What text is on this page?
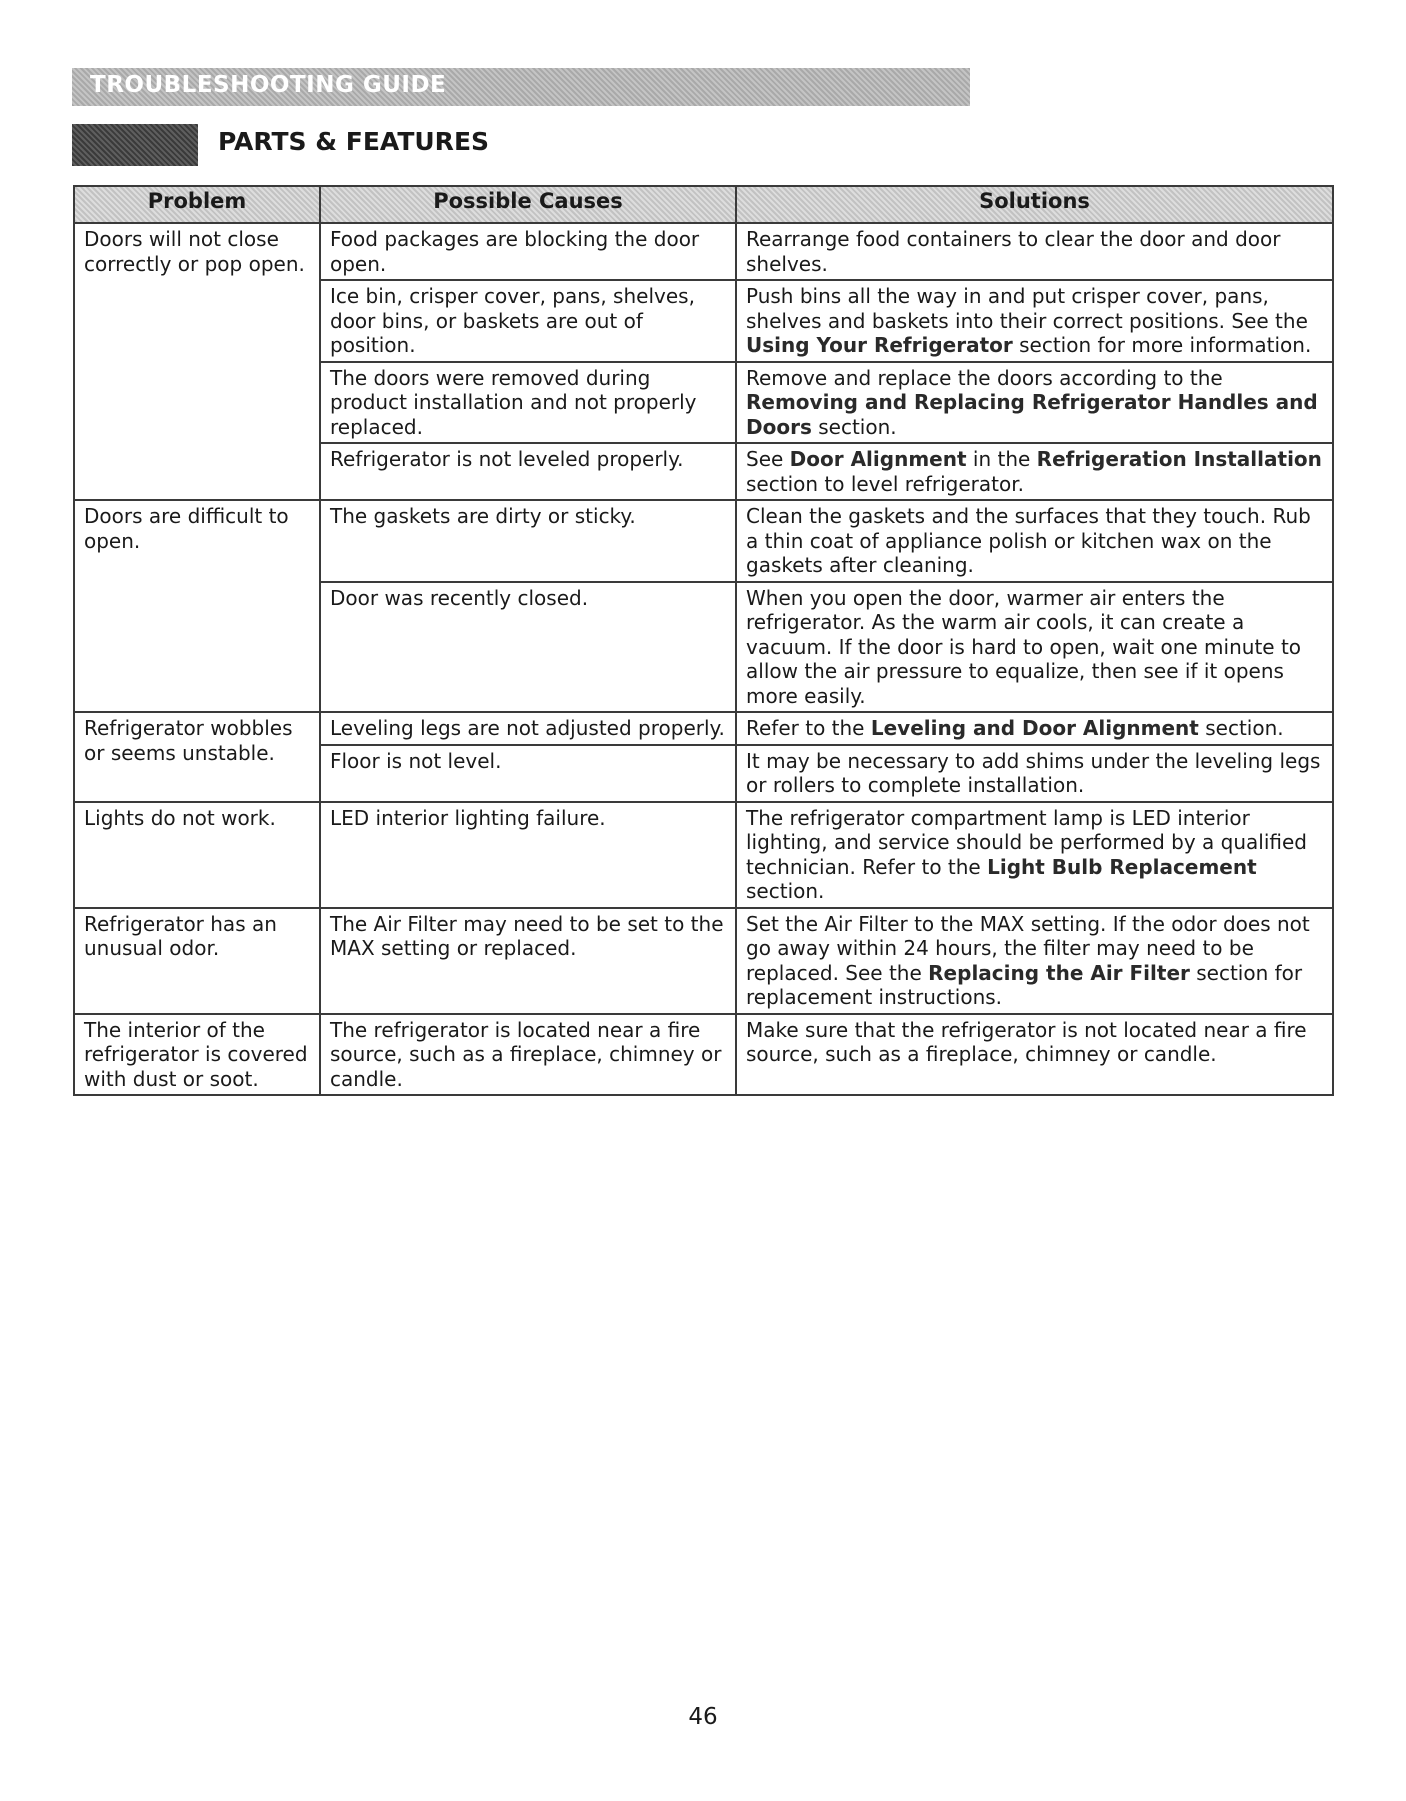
TROUBLESHOOTING GUIDE
PARTS & FEATURES
Problem	Possible Causes	Solutions
Doors will not close correctly or pop open.	Food packages are blocking the door open.	Rearrange food containers to clear the door and door shelves.
	Ice bin, crisper cover, pans, shelves, door bins, or baskets are out of position.	Push bins all the way in and put crisper cover, pans, shelves and baskets into their correct positions. See the Using Your Refrigerator section for more information.
	The doors were removed during product installation and not properly replaced.	Remove and replace the doors according to the Removing and Replacing Refrigerator Handles and Doors section.
	Refrigerator is not leveled properly.	See Door Alignment in the Refrigeration Installation section to level refrigerator.
Doors are difficult to open.	The gaskets are dirty or sticky.	Clean the gaskets and the surfaces that they touch. Rub a thin coat of appliance polish or kitchen wax on the gaskets after cleaning.
	Door was recently closed.	When you open the door, warmer air enters the refrigerator. As the warm air cools, it can create a vacuum. If the door is hard to open, wait one minute to allow the air pressure to equalize, then see if it opens more easily.
Refrigerator wobbles or seems unstable.	Leveling legs are not adjusted properly.	Refer to the Leveling and Door Alignment section.
	Floor is not level.	It may be necessary to add shims under the leveling legs or rollers to complete installation.
Lights do not work.	LED interior lighting failure.	The refrigerator compartment lamp is LED interior lighting, and service should be performed by a qualified technician. Refer to the Light Bulb Replacement section.
Refrigerator has an unusual odor.	The Air Filter may need to be set to the MAX setting or replaced.	Set the Air Filter to the MAX setting. If the odor does not go away within 24 hours, the filter may need to be replaced. See the Replacing the Air Filter section for replacement instructions.
The interior of the refrigerator is covered with dust or soot.	The refrigerator is located near a fire source, such as a fireplace, chimney or candle.	Make sure that the refrigerator is not located near a fire source, such as a fireplace, chimney or candle.
46
